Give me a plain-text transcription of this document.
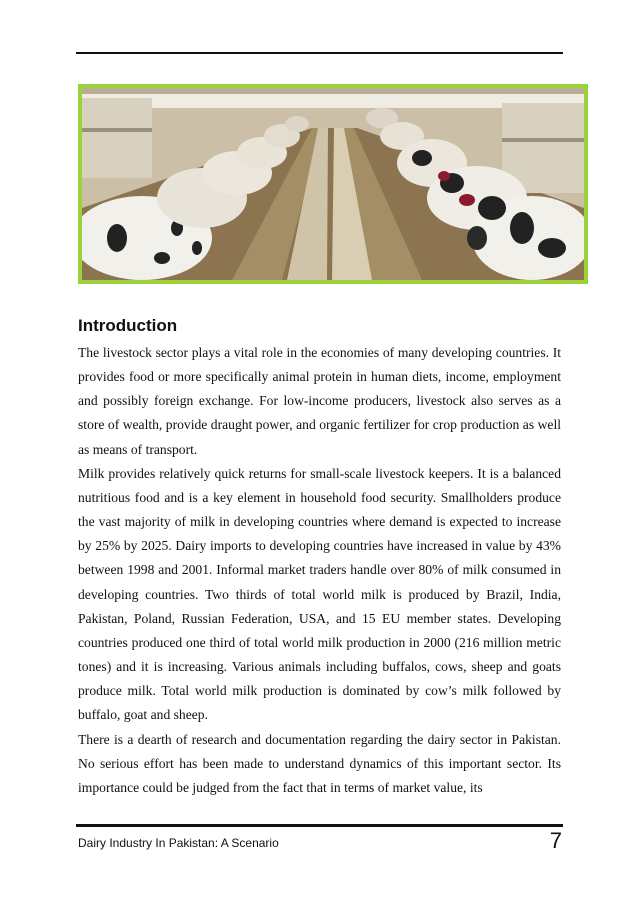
Introduction

The livestock sector plays a vital role in the economies of many developing countries. It provides food or more specifically animal protein in human diets, income, employment and possibly foreign exchange. For low-income producers, livestock also serves as a store of wealth, provide draught power, and organic fertilizer for crop production as well as means of transport.

Milk provides relatively quick returns for small-scale livestock keepers. It is a balanced nutritious food and is a key element in household food security. Smallholders produce the vast majority of milk in developing countries where demand is expected to increase by 25% by 2025. Dairy imports to developing countries have increased in value by 43% between 1998 and 2001. Informal market traders handle over 80% of milk consumed in developing countries. Two thirds of total world milk is produced by Brazil, India, Pakistan, Poland, Russian Federation, USA, and 15 EU member states. Developing countries produced one third of total world milk production in 2000 (216 million metric tones) and it is increasing. Various animals including buffalos, cows, sheep and goats produce milk. Total world milk production is dominated by cow’s milk followed by buffalo, goat and sheep.

There is a dearth of research and documentation regarding the dairy sector in Pakistan. No serious effort has been made to understand dynamics of this important sector. Its importance could be judged from the fact that in terms of market value, its

Dairy Industry In Pakistan: A Scenario	7
